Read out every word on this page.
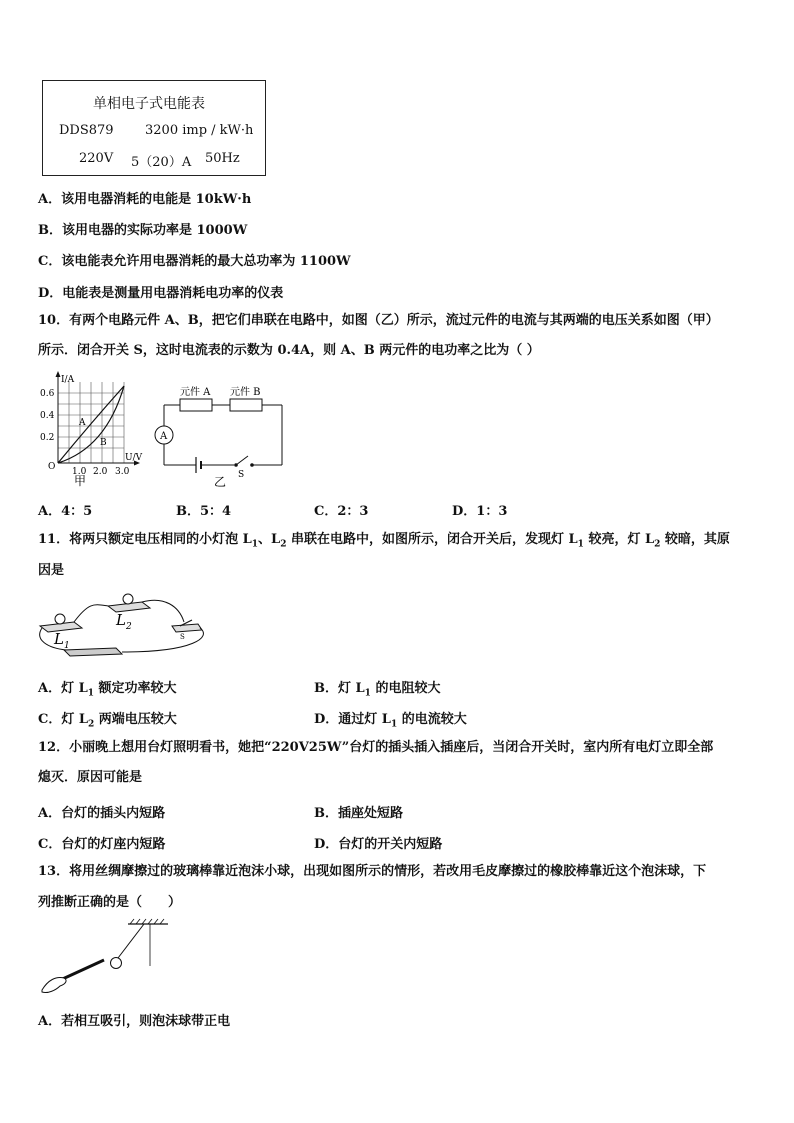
单相电子式电能表
DDS879 3200 imp / kW·h
220V 5（20）A 50Hz
A．该用电器消耗的电能是 10kW·h
B．该用电器的实际功率是 1000W
C．该电能表允许用电器消耗的最大总功率为 1100W
D．电能表是测量用电器消耗电功率的仪表
10．有两个电路元件 A、B，把它们串联在电路中，如图（乙）所示，流过元件的电流与其两端的电压关系如图（甲）
所示．闭合开关 S，这时电流表的示数为 0.4A，则 A、B 两元件的电功率之比为（ ）
I/A
U/V
0.6
0.4
0.2
O 1.0 2.0 3.0
A
B
甲
元件 A 元件 B
A
S
乙
A．4：5	B．5：4	C．2：3	D．1：3
11．将两只额定电压相同的小灯泡 $L_1$、$L_2$ 串联在电路中，如图所示，闭合开关后，发现灯 $L_1$ 较亮，灯 $L_2$ 较暗，其原
因是
$L_1$
$L_2$
S
A．灯 $L_1$ 额定功率较大	B．灯 $L_1$ 的电阻较大
C．灯 $L_2$ 两端电压较大	D．通过灯 $L_1$ 的电流较大
12．小丽晚上想用台灯照明看书，她把“220V25W”台灯的插头插入插座后，当闭合开关时，室内所有电灯立即全部
熄灭．原因可能是
A．台灯的插头内短路	B．插座处短路
C．台灯的灯座内短路	D．台灯的开关内短路
13．将用丝绸摩擦过的玻璃棒靠近泡沫小球，出现如图所示的情形，若改用毛皮摩擦过的橡胶棒靠近这个泡沫球，下
列推断正确的是（　　）
A．若相互吸引，则泡沫球带正电
